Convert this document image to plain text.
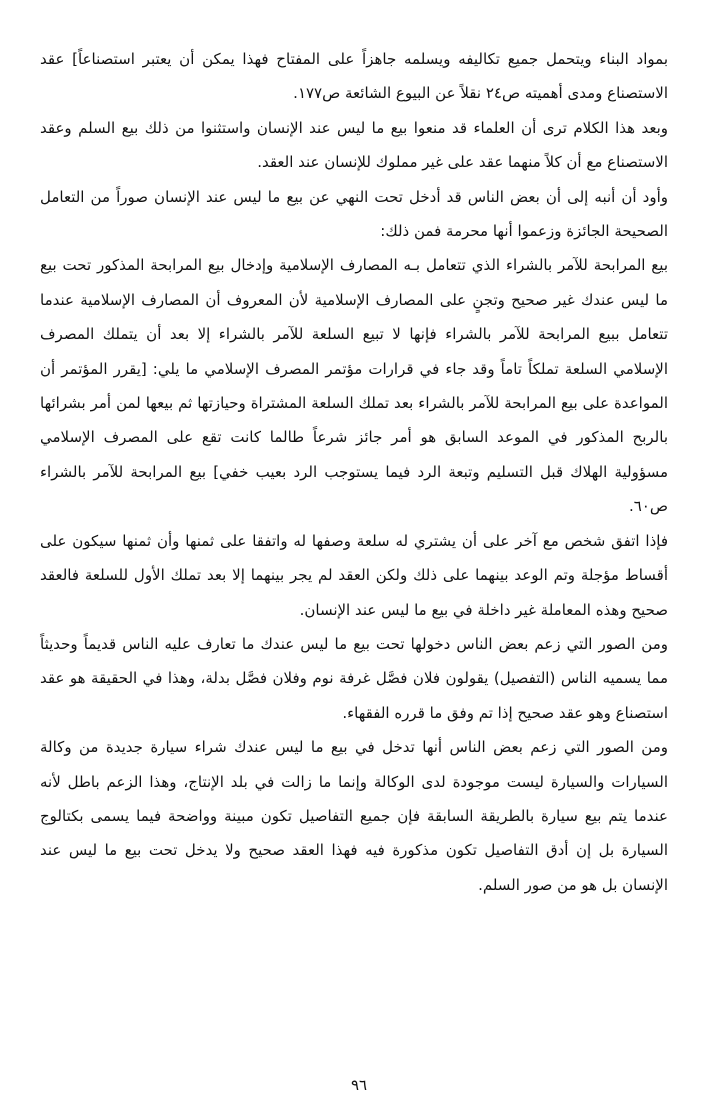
بمواد البناء ويتحمل جميع تكاليفه ويسلمه جاهزاً على المفتاح فهذا يمكن أن يعتبر استصناعاً] عقد الاستصناع ومدى أهميته ص٢٤ نقلاً عن البيوع الشائعة ص١٧٧.

وبعد هذا الكلام ترى أن العلماء قد منعوا بيع ما ليس عند الإنسان واستثنوا من ذلك بيع السلم وعقد الاستصناع مع أن كلاً منهما عقد على غير مملوك للإنسان عند العقد.

وأود أن أنبه إلى أن بعض الناس قد أدخل تحت النهي عن بيع ما ليس عند الإنسان صوراً من التعامل الصحيحة الجائزة وزعموا أنها محرمة فمن ذلك:

بيع المرابحة للآمر بالشراء الذي تتعامل بـه المصارف الإسلامية وإدخال بيع المرابحة المذكور تحت بيع ما ليس عندك غير صحيح وتجنٍ على المصارف الإسلامية لأن المعروف أن المصارف الإسلامية عندما تتعامل ببيع المرابحة للآمر بالشراء فإنها لا تبيع السلعة للآمر بالشراء إلا بعد أن يتملك المصرف الإسلامي السلعة تملكاً تاماً وقد جاء في قرارات مؤتمر المصرف الإسلامي ما يلي: [يقرر المؤتمر أن المواعدة على بيع المرابحة للآمر بالشراء بعد تملك السلعة المشتراة وحيازتها ثم بيعها لمن أمر بشرائها بالربح المذكور في الموعد السابق هو أمر جائز شرعاً طالما كانت تقع على المصرف الإسلامي مسؤولية الهلاك قبل التسليم وتبعة الرد فيما يستوجب الرد بعيب خفي] بيع المرابحة للآمر بالشراء ص٦٠.

فإذا اتفق شخص مع آخر على أن يشتري له سلعة وصفها له واتفقا على ثمنها وأن ثمنها سيكون على أقساط مؤجلة وتم الوعد بينهما على ذلك ولكن العقد لم يجر بينهما إلا بعد تملك الأول للسلعة فالعقد صحيح وهذه المعاملة غير داخلة في بيع ما ليس عند الإنسان.

ومن الصور التي زعم بعض الناس دخولها تحت بيع ما ليس عندك ما تعارف عليه الناس قديماً وحديثاً مما يسميه الناس (التفصيل) يقولون فلان فصَّل غرفة نوم وفلان فصَّل بدلة، وهذا في الحقيقة هو عقد استصناع وهو عقد صحيح إذا تم وفق ما قرره الفقهاء.

ومن الصور التي زعم بعض الناس أنها تدخل في بيع ما ليس عندك شراء سيارة جديدة من وكالة السيارات والسيارة ليست موجودة لدى الوكالة وإنما ما زالت في بلد الإنتاج، وهذا الزعم باطل لأنه عندما يتم بيع سيارة بالطريقة السابقة فإن جميع التفاصيل تكون مبينة وواضحة فيما يسمى بكتالوج السيارة بل إن أدق التفاصيل تكون مذكورة فيه فهذا العقد صحيح ولا يدخل تحت بيع ما ليس عند الإنسان بل هو من صور السلم.

٩٦
